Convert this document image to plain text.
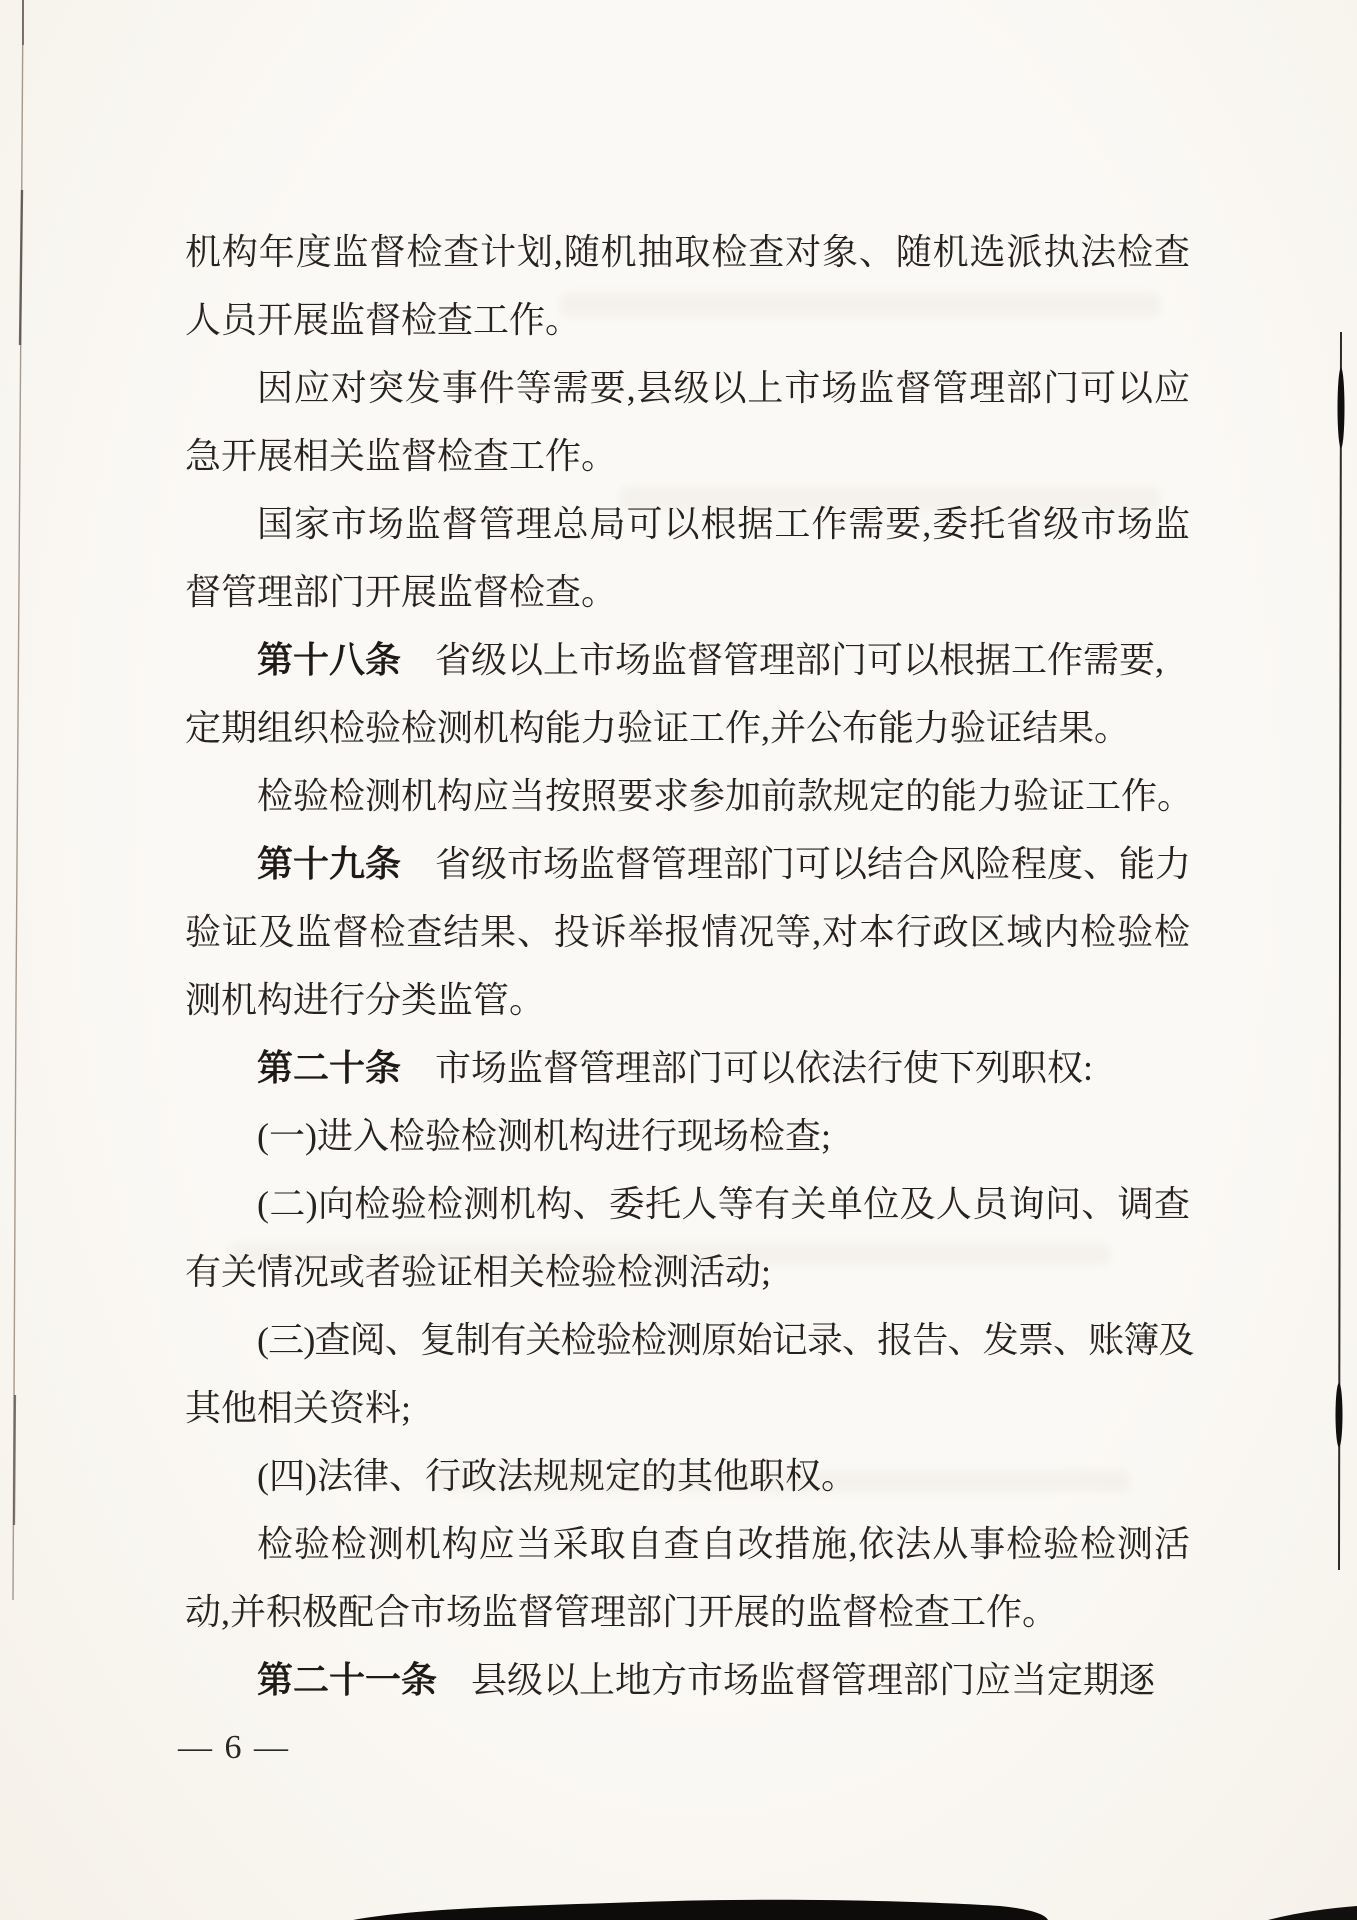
机构年度监督检查计划,随机抽取检查对象、随机选派执法检查
人员开展监督检查工作。
因应对突发事件等需要,县级以上市场监督管理部门可以应
急开展相关监督检查工作。
国家市场监督管理总局可以根据工作需要,委托省级市场监
督管理部门开展监督检查。
第十八条 省级以上市场监督管理部门可以根据工作需要,
定期组织检验检测机构能力验证工作,并公布能力验证结果。
检验检测机构应当按照要求参加前款规定的能力验证工作。
第十九条 省级市场监督管理部门可以结合风险程度、能力
验证及监督检查结果、投诉举报情况等,对本行政区域内检验检
测机构进行分类监管。
第二十条 市场监督管理部门可以依法行使下列职权:
(一)进入检验检测机构进行现场检查;
(二)向检验检测机构、委托人等有关单位及人员询问、调查
有关情况或者验证相关检验检测活动;
(三)查阅、复制有关检验检测原始记录、报告、发票、账簿及
其他相关资料;
(四)法律、行政法规规定的其他职权。
检验检测机构应当采取自查自改措施,依法从事检验检测活
动,并积极配合市场监督管理部门开展的监督检查工作。
第二十一条 县级以上地方市场监督管理部门应当定期逐
— 6 —
